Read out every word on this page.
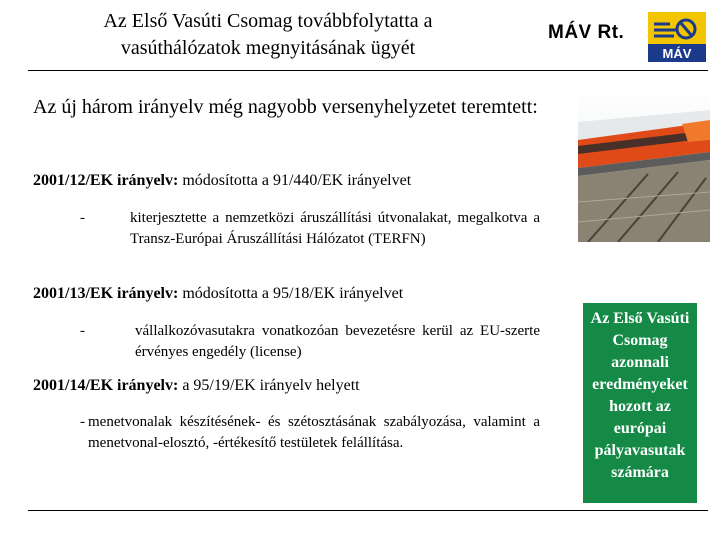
Az Első Vasúti Csomag továbbfolytatta a
vasúthálózatok megnyitásának ügyét
MÁV Rt.
MÁV
Az új három irányelv még nagyobb versenyhelyzetet teremtett:
2001/12/EK irányelv: módosította a 91/440/EK irányelvet
-	kiterjesztette a nemzetközi áruszállítási útvonalakat, megalkotva a Transz-Európai Áruszállítási Hálózatot (TERFN)
2001/13/EK irányelv: módosította a 95/18/EK irányelvet
-	vállalkozóvasutakra vonatkozóan bevezetésre kerül az EU-szerte érvényes engedély (license)
2001/14/EK irányelv: a 95/19/EK irányelv helyett
- menetvonalak készítésének- és szétosztásának szabályozása, valamint a menetvonal-elosztó, -értékesítő testületek felállítása.
Az Első Vasúti Csomag azonnali eredményeket hozott az európai pályavasutak számára
